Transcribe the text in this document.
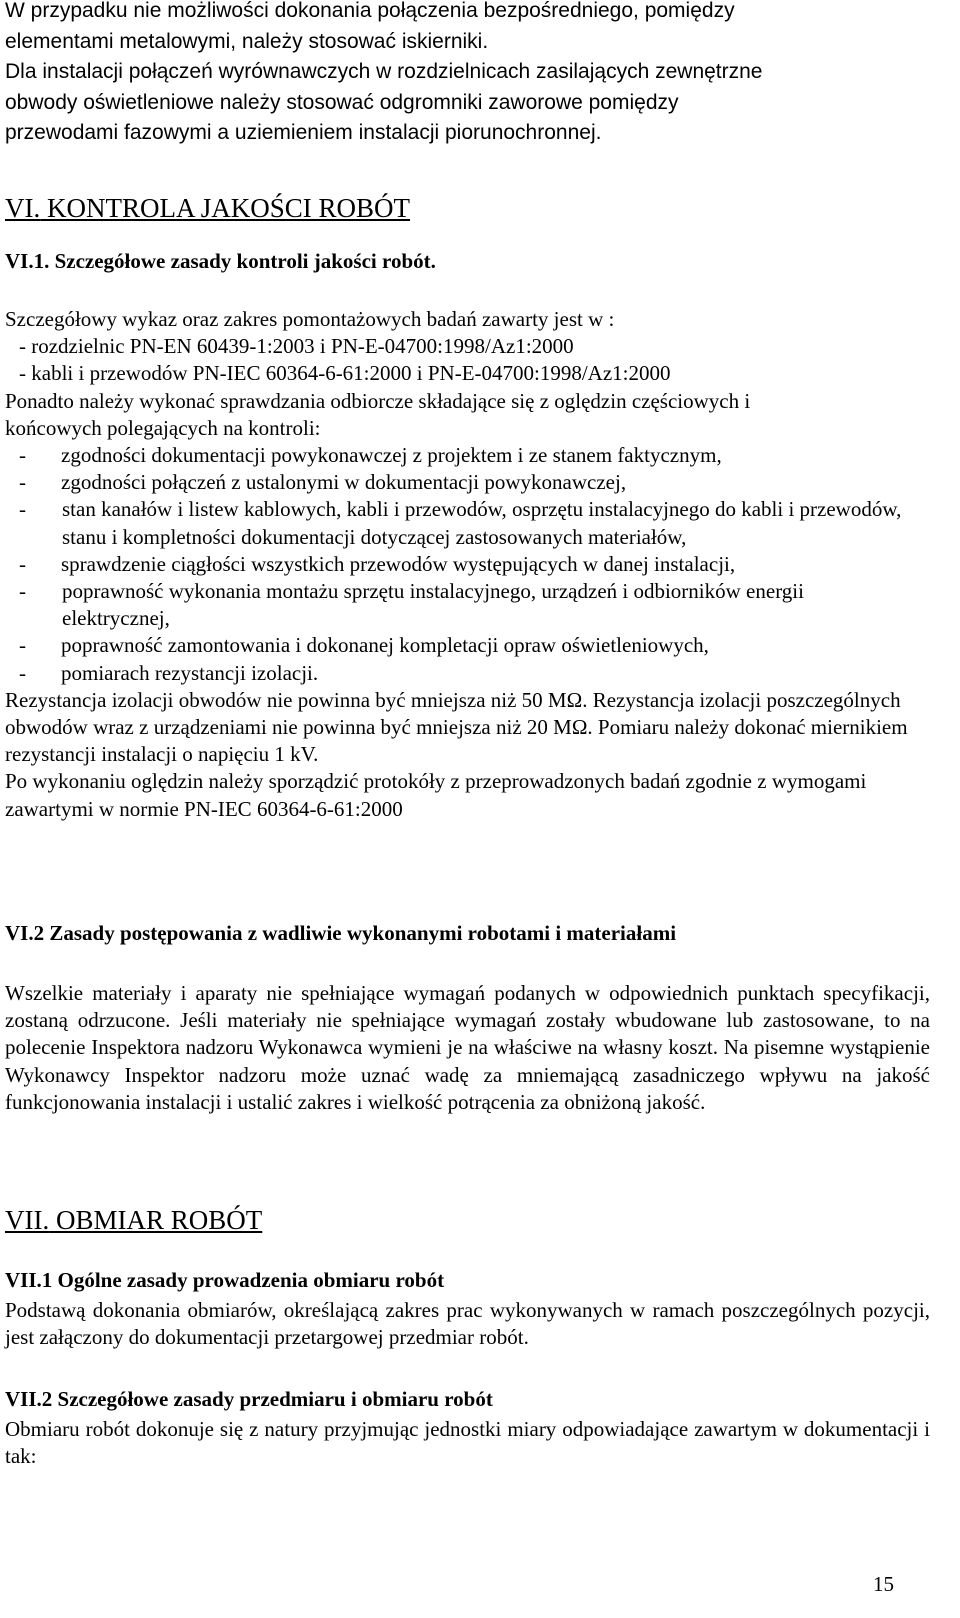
W przypadku nie możliwości dokonania połączenia bezpośredniego, pomiędzy

elementami metalowymi, należy stosować iskierniki.

Dla instalacji połączeń wyrównawczych w rozdzielnicach zasilających zewnętrzne

obwody oświetleniowe należy stosować odgromniki zaworowe pomiędzy

przewodami fazowymi a uziemieniem instalacji piorunochronnej.

VI. KONTROLA JAKOŚCI ROBÓT

VI.1. Szczegółowe zasady kontroli jakości robót.

Szczegółowy wykaz oraz zakres pomontażowych badań zawarty jest w :

- rozdzielnic PN-EN 60439-1:2003 i PN-E-04700:1998/Az1:2000

- kabli i przewodów PN-IEC 60364-6-61:2000 i PN-E-04700:1998/Az1:2000

Ponadto należy wykonać sprawdzania odbiorcze składające się z oględzin częściowych i

końcowych polegających na kontroli:

- zgodności dokumentacji powykonawczej z projektem i ze stanem faktycznym,
- zgodności połączeń z ustalonymi w dokumentacji powykonawczej,
- stan kanałów i listew kablowych, kabli i przewodów, osprzętu instalacyjnego do kabli i przewodów, stanu i kompletności dokumentacji dotyczącej zastosowanych materiałów,
- sprawdzenie ciągłości wszystkich przewodów występujących w danej instalacji,
- poprawność wykonania montażu sprzętu instalacyjnego, urządzeń i odbiorników energii elektrycznej,
- poprawność zamontowania i dokonanej kompletacji opraw oświetleniowych,
- pomiarach rezystancji izolacji.

Rezystancja izolacji obwodów nie powinna być mniejsza niż 50 MΩ. Rezystancja izolacji poszczególnych obwodów wraz z urządzeniami nie powinna być mniejsza niż 20 MΩ. Pomiaru należy dokonać miernikiem rezystancji instalacji o napięciu 1 kV.

Po wykonaniu oględzin należy sporządzić protokóły z przeprowadzonych badań zgodnie z wymogami zawartymi w normie PN-IEC 60364-6-61:2000

VI.2 Zasady postępowania z wadliwie wykonanymi robotami i materiałami

Wszelkie materiały i aparaty nie spełniające wymagań podanych w odpowiednich punktach specyfikacji, zostaną odrzucone. Jeśli materiały nie spełniające wymagań zostały wbudowane lub zastosowane, to na polecenie Inspektora nadzoru Wykonawca wymieni je na właściwe na własny koszt. Na pisemne wystąpienie Wykonawcy Inspektor nadzoru może uznać wadę za mniemającą zasadniczego wpływu na jakość funkcjonowania instalacji i ustalić zakres i wielkość potrącenia za obniżoną jakość.

VII. OBMIAR ROBÓT

VII.1 Ogólne zasady prowadzenia obmiaru robót

Podstawą dokonania obmiarów, określającą zakres prac wykonywanych w ramach poszczególnych pozycji, jest załączony do dokumentacji przetargowej przedmiar robót.

VII.2 Szczegółowe zasady przedmiaru i obmiaru robót

Obmiaru robót dokonuje się z natury przyjmując jednostki miary odpowiadające zawartym w dokumentacji i tak:

15
